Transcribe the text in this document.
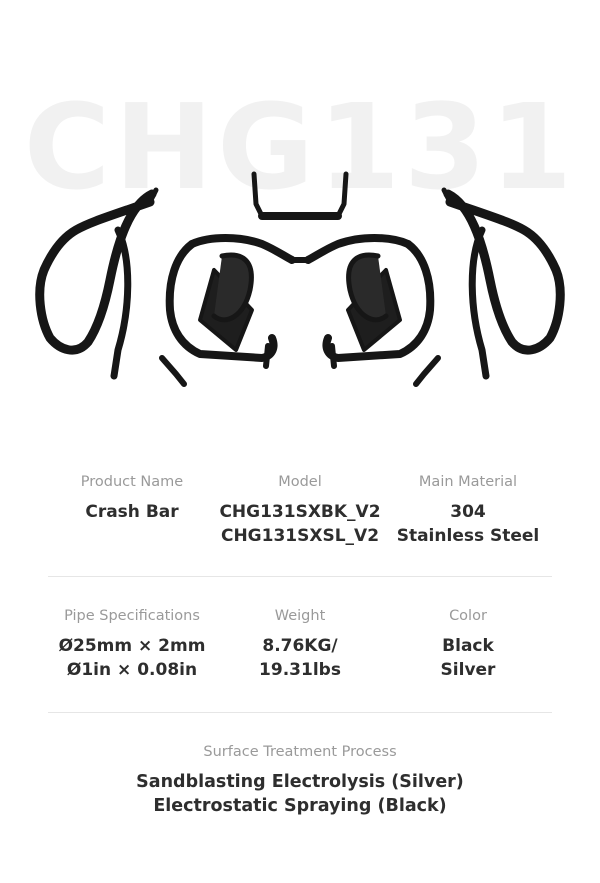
CHG131
Product Name
Crash Bar
Model
CHG131SXBK_V2
CHG131SXSL_V2
Main Material
304
Stainless Steel
Pipe Specifications
Ø25mm × 2mm
Ø1in × 0.08in
Weight
8.76KG/
19.31lbs
Color
Black
Silver
Surface Treatment Process
Sandblasting Electrolysis (Silver)
Electrostatic Spraying (Black)
